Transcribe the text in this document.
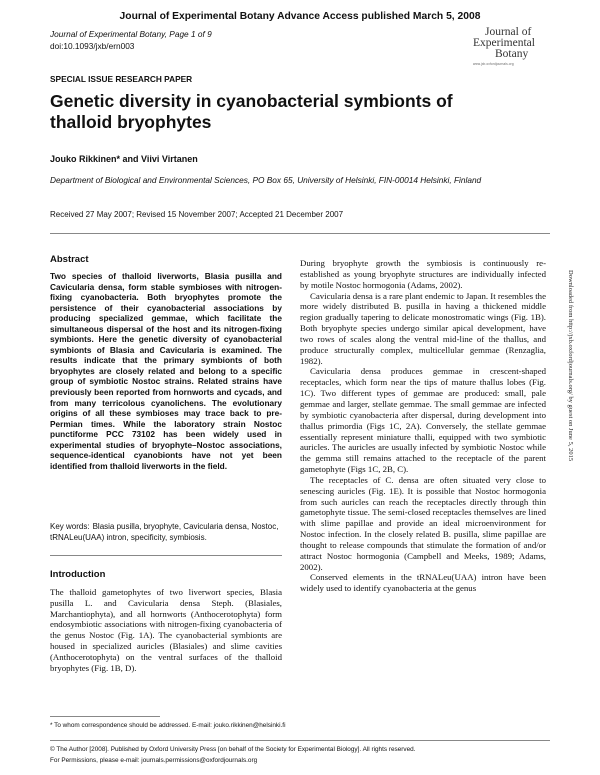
Journal of Experimental Botany Advance Access published March 5, 2008
Journal of Experimental Botany, Page 1 of 9
doi:10.1093/jxb/ern003
Journal of
Experimental
Botany
www.jxb.oxfordjournals.org
SPECIAL ISSUE RESEARCH PAPER
Genetic diversity in cyanobacterial symbionts of thalloid bryophytes
Jouko Rikkinen* and Viivi Virtanen
Department of Biological and Environmental Sciences, PO Box 65, University of Helsinki, FIN-00014 Helsinki, Finland
Received 27 May 2007; Revised 15 November 2007; Accepted 21 December 2007
Abstract
Two species of thalloid liverworts, Blasia pusilla and Cavicularia densa, form stable symbioses with nitrogen-fixing cyanobacteria. Both bryophytes promote the persistence of their cyanobacterial associations by producing specialized gemmae, which facilitate the simultaneous dispersal of the host and its nitrogen-fixing symbionts. Here the genetic diversity of cyanobacterial symbionts of Blasia and Cavicularia is examined. The results indicate that the primary symbionts of both bryophytes are closely related and belong to a specific group of symbiotic Nostoc strains. Related strains have previously been reported from hornworts and cycads, and from many terricolous cyanolichens. The evolutionary origins of all these symbioses may trace back to pre-Permian times. While the laboratory strain Nostoc punctiforme PCC 73102 has been widely used in experimental studies of bryophyte–Nostoc associations, sequence-identical cyanobionts have not yet been identified from thalloid liverworts in the field.
Key words: Blasia pusilla, bryophyte, Cavicularia densa, Nostoc, tRNALeu(UAA) intron, specificity, symbiosis.
Introduction
The thalloid gametophytes of two liverwort species, Blasia pusilla L. and Cavicularia densa Steph. (Blasiales, Marchantiophyta), and all hornworts (Anthocerotophyta) form endosymbiotic associations with nitrogen-fixing cyanobacteria of the genus Nostoc (Fig. 1A). The cyanobacterial symbionts are housed in specialized auricles (Blasiales) and slime cavities (Anthocerotophyta) on the ventral surfaces of the thalloid bryophytes (Fig. 1B, D).

During bryophyte growth the symbiosis is continuously re-established as young bryophyte structures are individually infected by motile Nostoc hormogonia (Adams, 2002).

Cavicularia densa is a rare plant endemic to Japan. It resembles the more widely distributed B. pusilla in having a thickened middle region gradually tapering to delicate monostromatic wings (Fig. 1B). Both bryophyte species undergo similar apical development, have two rows of scales along the ventral mid-line of the thallus, and produce structurally complex, multicellular gemmae (Renzaglia, 1982).

Cavicularia densa produces gemmae in crescent-shaped receptacles, which form near the tips of mature thallus lobes (Fig. 1C). Two different types of gemmae are produced: small, pale gemmae and larger, stellate gemmae. The small gemmae are infected by symbiotic cyanobacteria after dispersal, during development into thallus primordia (Figs 1C, 2A). Conversely, the stellate gemmae essentially represent miniature thalli, equipped with two symbiotic auricles. The auricles are usually infected by symbiotic Nostoc while the gemma still remains attached to the receptacle of the parent gametophyte (Figs 1C, 2B, C).

The receptacles of C. densa are often situated very close to senescing auricles (Fig. 1E). It is possible that Nostoc hormogonia from such auricles can reach the receptacles directly through thin gametophyte tissue. The semi-closed receptacles themselves are lined with slime papillae and provide an ideal microenvironment for Nostoc infection. In the closely related B. pusilla, slime papillae are thought to release compounds that stimulate the formation of and/or attract Nostoc hormogonia (Campbell and Meeks, 1989; Adams, 2002).

Conserved elements in the tRNALeu(UAA) intron have been widely used to identify cyanobacteria at the genus

* To whom correspondence should be addressed. E-mail: jouko.rikkinen@helsinki.fi
© The Author [2008]. Published by Oxford University Press [on behalf of the Society for Experimental Biology]. All rights reserved.
For Permissions, please e-mail: journals.permissions@oxfordjournals.org
Downloaded from http://jxb.oxfordjournals.org/ by guest on June 5, 2015
